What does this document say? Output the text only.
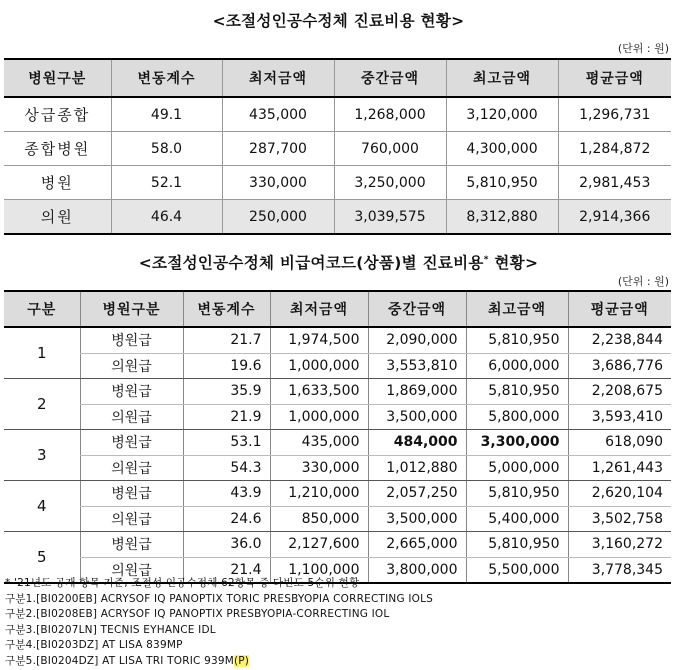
<조절성인공수정체 진료비용 현황>
(단위 : 원)
병원구분	변동계수	최저금액	중간금액	최고금액	평균금액
상급종합	49.1	435,000	1,268,000	3,120,000	1,296,731
종합병원	58.0	287,700	760,000	4,300,000	1,284,872
병원	52.1	330,000	3,250,000	5,810,950	2,981,453
의원	46.4	250,000	3,039,575	8,312,880	2,914,366
<조절성인공수정체 비급여코드(상품)별 진료비용* 현황>
(단위 : 원)
구분	병원구분	변동계수	최저금액	중간금액	최고금액	평균금액
1	병원급	21.7	1,974,500	2,090,000	5,810,950	2,238,844
	의원급	19.6	1,000,000	3,553,810	6,000,000	3,686,776
2	병원급	35.9	1,633,500	1,869,000	5,810,950	2,208,675
	의원급	21.9	1,000,000	3,500,000	5,800,000	3,593,410
3	병원급	53.1	435,000	484,000	3,300,000	618,090
	의원급	54.3	330,000	1,012,880	5,000,000	1,261,443
4	병원급	43.9	1,210,000	2,057,250	5,810,950	2,620,104
	의원급	24.6	850,000	3,500,000	5,400,000	3,502,758
5	병원급	36.0	2,127,600	2,665,000	5,810,950	3,160,272
	의원급	21.4	1,100,000	3,800,000	5,500,000	3,778,345
* '21년도 공개 항목 기준, 조절성 인공수정체 62항목 중 다빈도 5순위 현황
구분1.[BI0200EB] ACRYSOF IQ PANOPTIX TORIC PRESBYOPIA CORRECTING IOLS
구분2.[BI0208EB] ACRYSOF IQ PANOPTIX PRESBYOPIA-CORRECTING IOL
구분3.[BI0207LN] TECNIS EYHANCE IDL
구분4.[BI0203DZ] AT LISA 839MP
구분5.[BI0204DZ] AT LISA TRI TORIC 939M(P)
